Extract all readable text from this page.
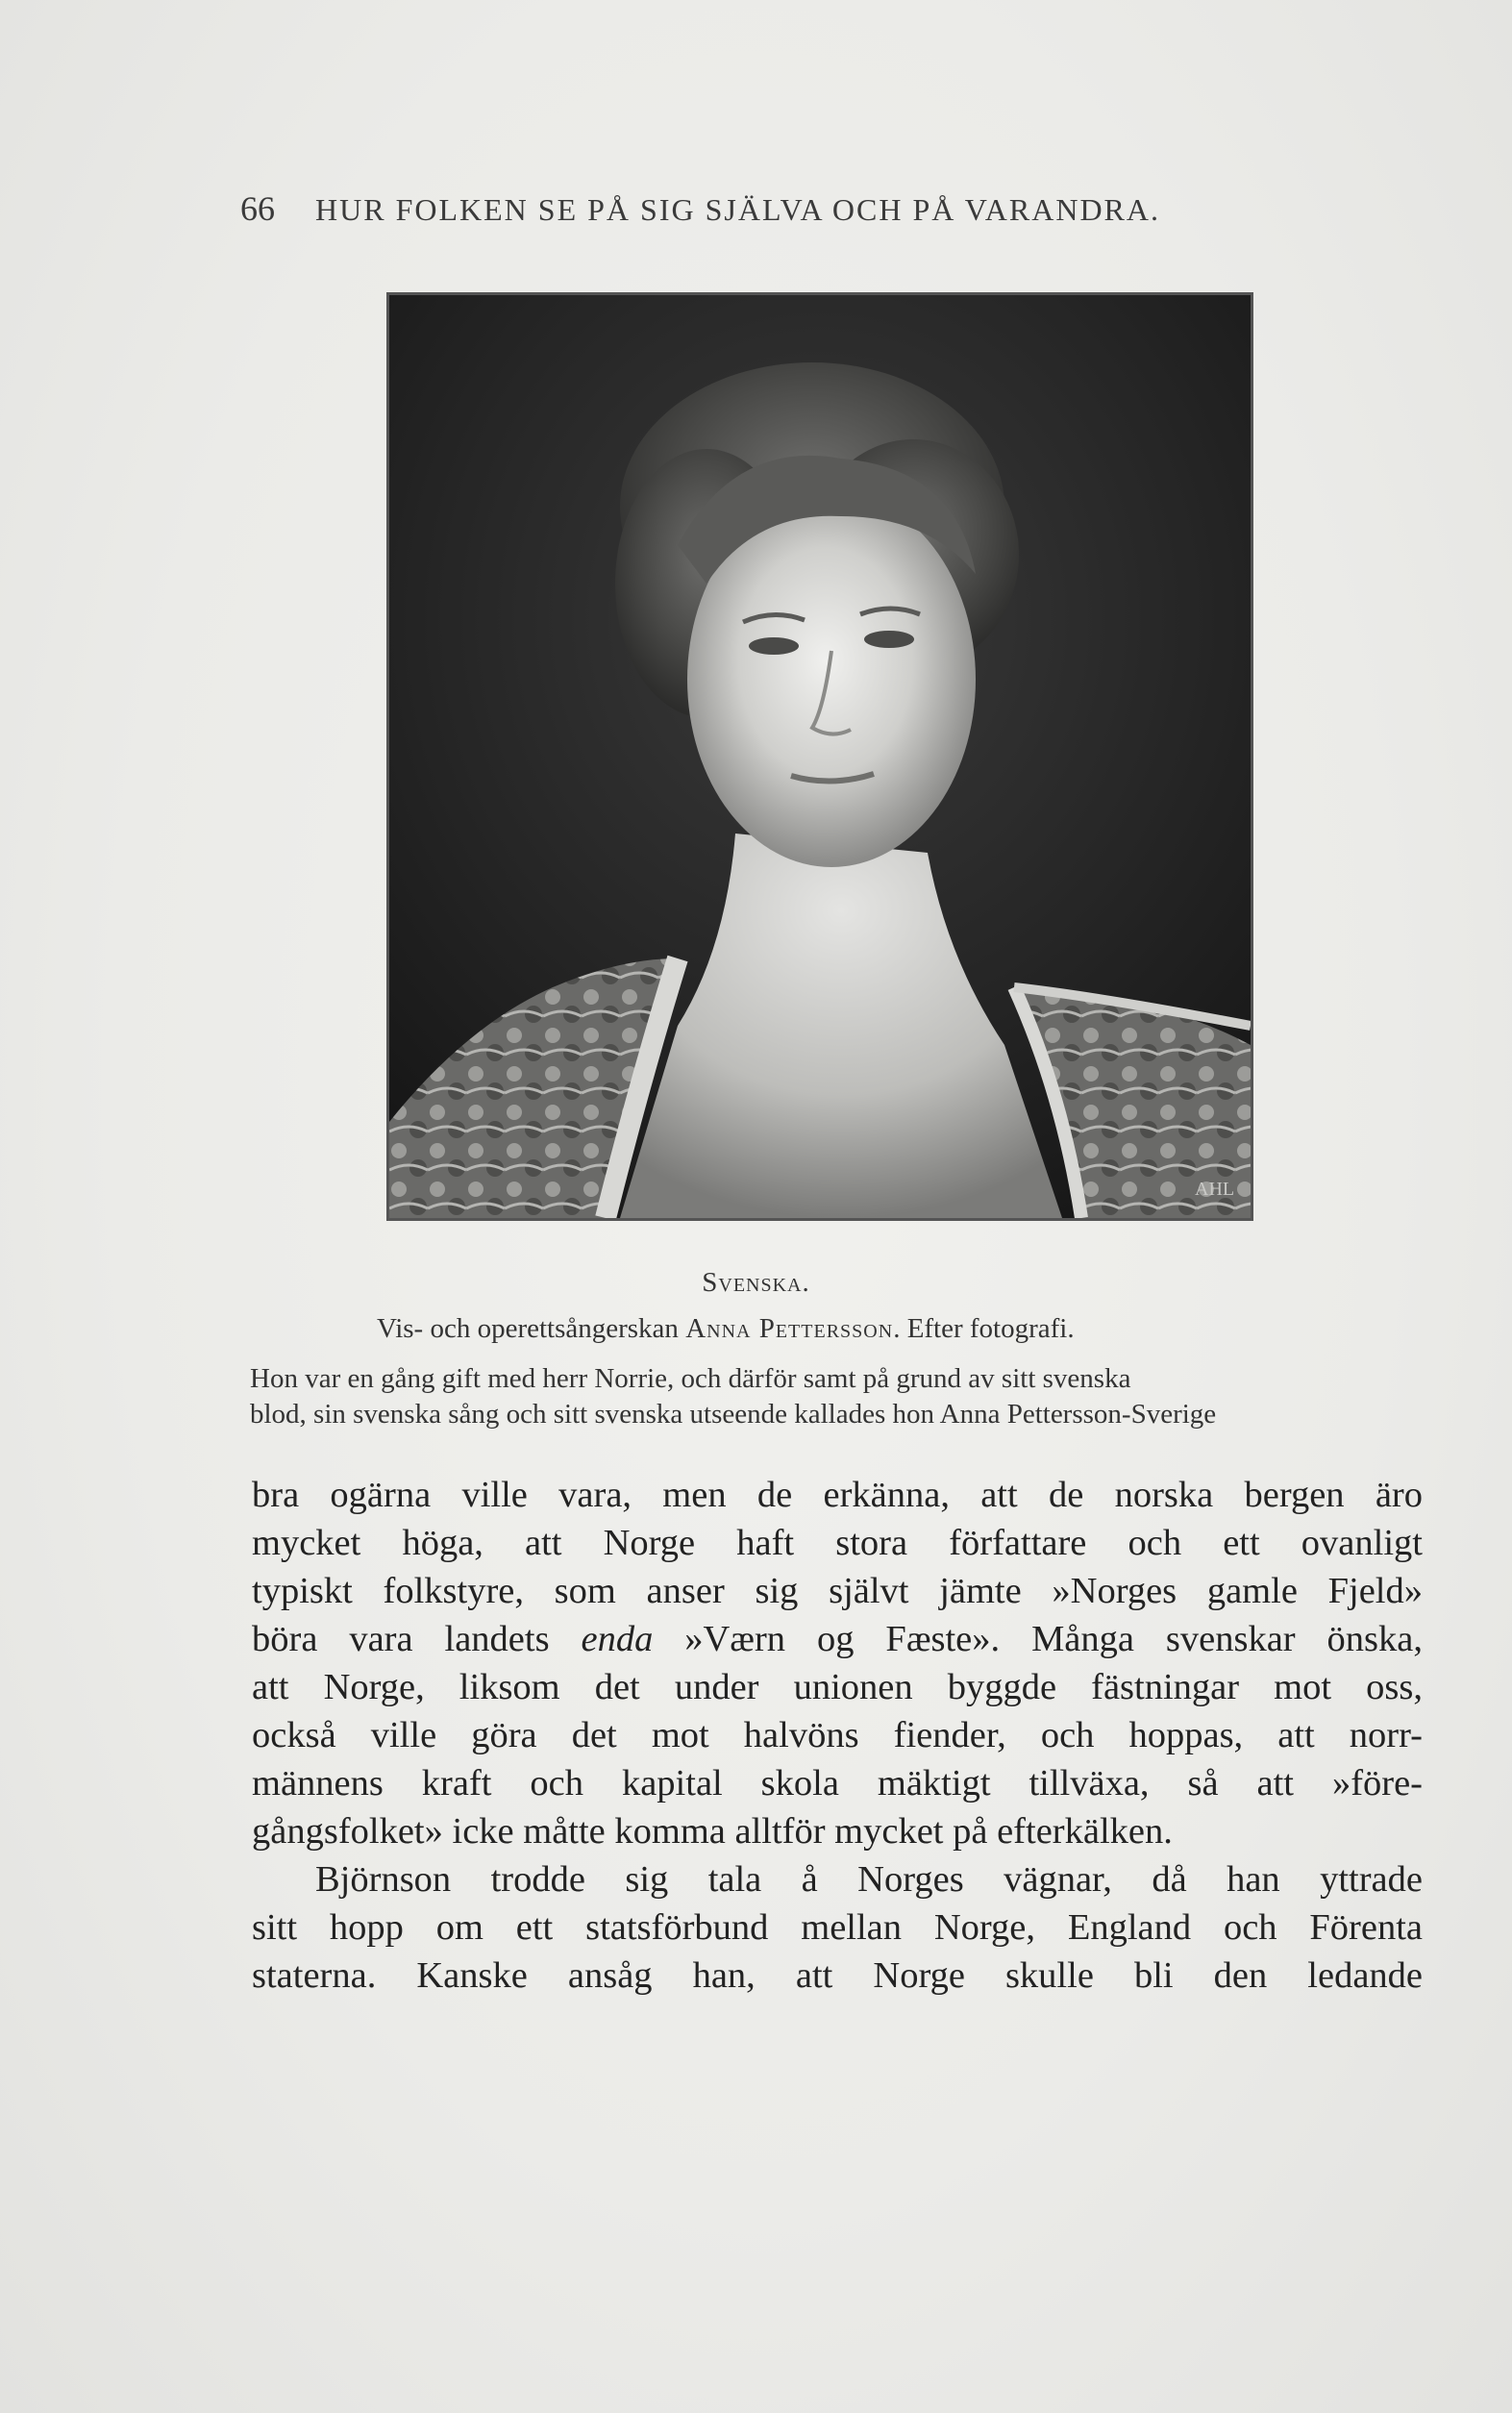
66 HUR FOLKEN SE PÅ SIG SJÄLVA OCH PÅ VARANDRA.
AHL
Svenska.
Vis- och operettsångerskan Anna Pettersson. Efter fotografi.
Hon var en gång gift med herr Norrie, och därför samt på grund av sitt svenska
blod, sin svenska sång och sitt svenska utseende kallades hon Anna Pettersson-Sverige
bra ogärna ville vara, men de erkänna, att de norska bergen äro
mycket höga, att Norge haft stora författare och ett ovanligt
typiskt folkstyre, som anser sig självt jämte »Norges gamle Fjeld»
böra vara landets enda »Værn og Fæste». Många svenskar önska,
att Norge, liksom det under unionen byggde fästningar mot oss,
också ville göra det mot halvöns fiender, och hoppas, att norr-
männens kraft och kapital skola mäktigt tillväxa, så att »före-
gångsfolket» icke måtte komma alltför mycket på efterkälken.
Björnson trodde sig tala å Norges vägnar, då han yttrade
sitt hopp om ett statsförbund mellan Norge, England och Förenta
staterna. Kanske ansåg han, att Norge skulle bli den ledande
